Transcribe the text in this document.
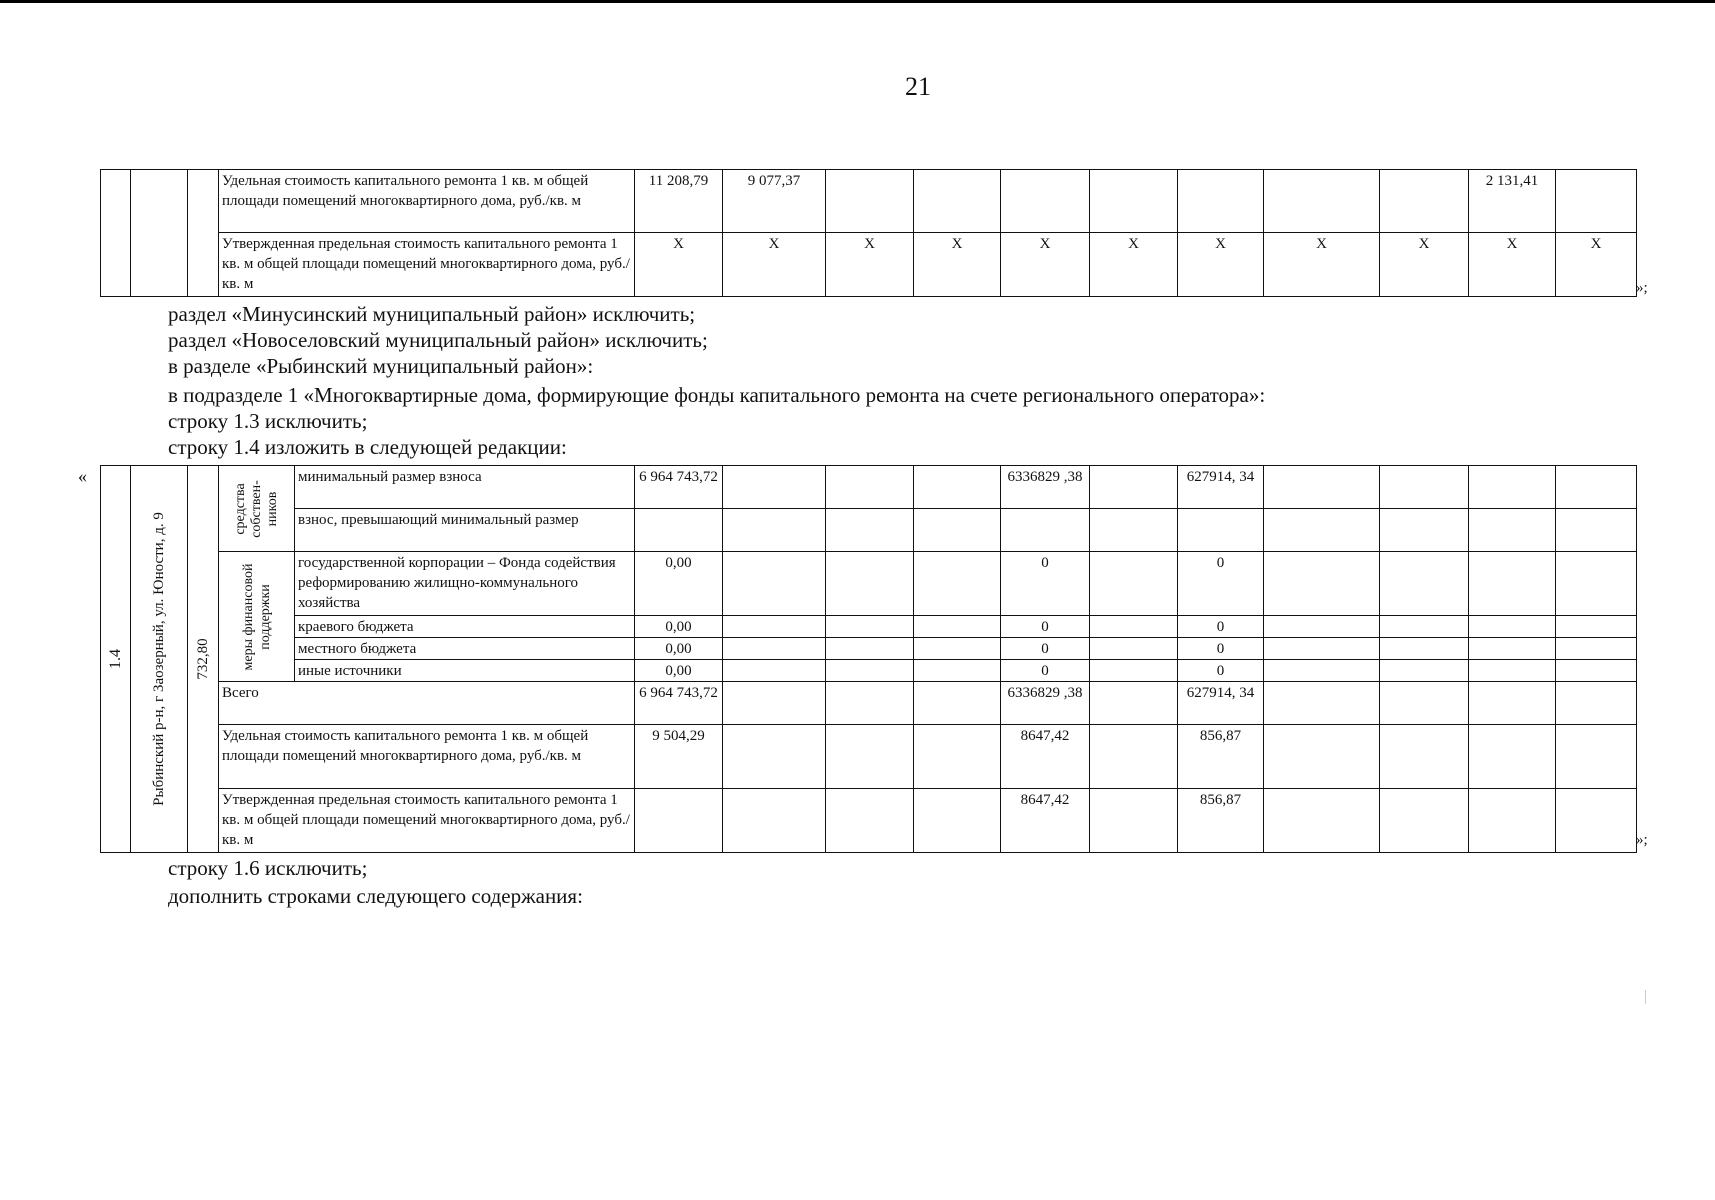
21
			Удельная стоимость капитального ремонта 1 кв. м общей площади помещений многоквартирного дома, руб./кв. м	11 208,79	9 077,37								2 131,41	
			Утвержденная предельная стоимость капитального ремонта 1 кв. м общей площади помещений многоквартирного дома, руб./кв. м	X	X	X	X	X	X	X	X	X	X	X
»;
раздел «Минусинский муниципальный район» исключить;
раздел «Новоселовский муниципальный район» исключить;
в разделе «Рыбинский муниципальный район»:
в подразделе 1 «Многоквартирные дома, формирующие фонды капитального ремонта на счете регионального оператора»:
строку 1.3 исключить;
строку 1.4 изложить в следующей редакции:
«
1.4	Рыбинский р-н, г Заозерный, ул. Юности, д. 9	732,80	средства собствен-ников	минимальный размер взноса	6 964 743,72				6336829 ,38		627914, 34				
				взнос, превышающий минимальный размер											

			меры финансовой поддержки	государственной корпорации – Фонда содействия реформированию жилищно-коммунального хозяйства	0,00				0		0				
				краевого бюджета	0,00				0		0				
				местного бюджета	0,00				0		0				
				иные источники	0,00				0		0				
			Всего		6 964 743,72				6336829 ,38		627914, 34				
			Удельная стоимость капитального ремонта 1 кв. м общей площади помещений многоквартирного дома, руб./кв. м		9 504,29				8647,42		856,87				
			Утвержденная предельная стоимость капитального ремонта 1 кв. м общей площади помещений многоквартирного дома, руб./кв. м						8647,42		856,87				
»;
строку 1.6 исключить;
дополнить строками следующего содержания:
